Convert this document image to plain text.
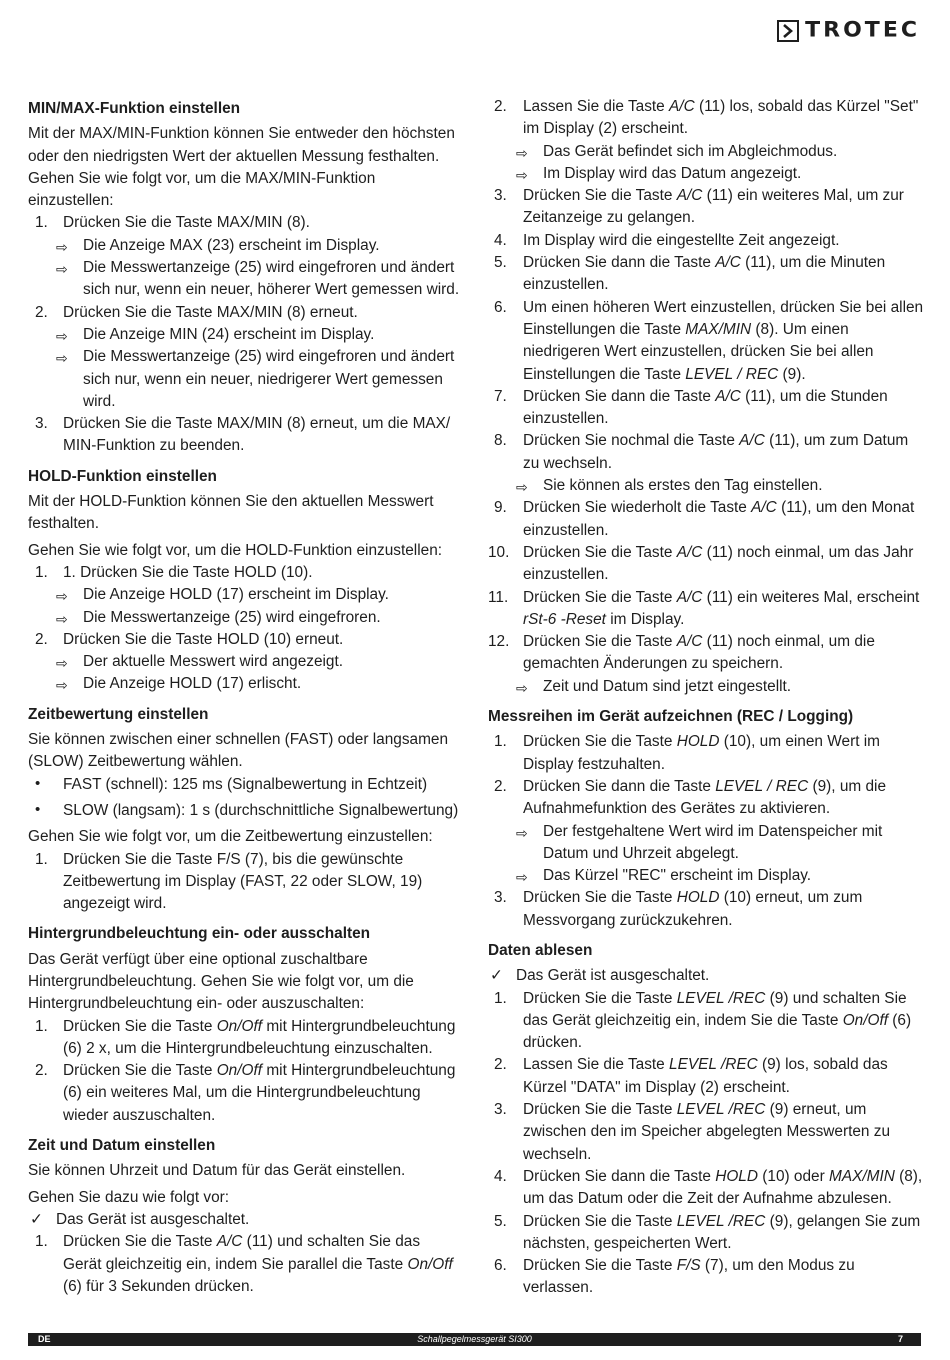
TROTEC
MIN/MAX-Funktion einstellen
Mit der MAX/MIN-Funktion können Sie entweder den höchsten oder den niedrigsten Wert der aktuellen Messung festhalten.
Gehen Sie wie folgt vor, um die MAX/MIN-Funktion einzustellen:
1. Drücken Sie die Taste MAX/MIN (8).
⇨ Die Anzeige MAX (23) erscheint im Display.
⇨ Die Messwertanzeige (25) wird eingefroren und ändert sich nur, wenn ein neuer, höherer Wert gemessen wird.
2. Drücken Sie die Taste MAX/MIN (8) erneut.
⇨ Die Anzeige MIN (24) erscheint im Display.
⇨ Die Messwertanzeige (25) wird eingefroren und ändert sich nur, wenn ein neuer, niedrigerer Wert gemessen wird.
3. Drücken Sie die Taste MAX/MIN (8) erneut, um die MAX/ MIN-Funktion zu beenden.
HOLD-Funktion einstellen
Mit der HOLD-Funktion können Sie den aktuellen Messwert festhalten.
Gehen Sie wie folgt vor, um die HOLD-Funktion einzustellen:
1. 1. Drücken Sie die Taste HOLD (10).
⇨ Die Anzeige HOLD (17) erscheint im Display.
⇨ Die Messwertanzeige (25) wird eingefroren.
2. Drücken Sie die Taste HOLD (10) erneut.
⇨ Der aktuelle Messwert wird angezeigt.
⇨ Die Anzeige HOLD (17) erlischt.
Zeitbewertung einstellen
Sie können zwischen einer schnellen (FAST) oder langsamen (SLOW) Zeitbewertung wählen.
• FAST (schnell): 125 ms (Signalbewertung in Echtzeit)
• SLOW (langsam): 1 s (durchschnittliche Signalbewertung)
Gehen Sie wie folgt vor, um die Zeitbewertung einzustellen:
1. Drücken Sie die Taste F/S (7), bis die gewünschte Zeitbewertung im Display (FAST, 22 oder SLOW, 19) angezeigt wird.
Hintergrundbeleuchtung ein- oder ausschalten
Das Gerät verfügt über eine optional zuschaltbare Hintergrundbeleuchtung. Gehen Sie wie folgt vor, um die Hintergrundbeleuchtung ein- oder auszuschalten:
1. Drücken Sie die Taste On/Off mit Hintergrundbeleuchtung (6) 2 x, um die Hintergrundbeleuchtung einzuschalten.
2. Drücken Sie die Taste On/Off mit Hintergrundbeleuchtung (6) ein weiteres Mal, um die Hintergrundbeleuchtung wieder auszuschalten.
Zeit und Datum einstellen
Sie können Uhrzeit und Datum für das Gerät einstellen.
Gehen Sie dazu wie folgt vor:
✓ Das Gerät ist ausgeschaltet.
1. Drücken Sie die Taste A/C (11) und schalten Sie das Gerät gleichzeitig ein, indem Sie parallel die Taste On/Off (6) für 3 Sekunden drücken.
2. Lassen Sie die Taste A/C (11) los, sobald das Kürzel "Set" im Display (2) erscheint.
⇨ Das Gerät befindet sich im Abgleichmodus.
⇨ Im Display wird das Datum angezeigt.
3. Drücken Sie die Taste A/C (11) ein weiteres Mal, um zur Zeitanzeige zu gelangen.
4. Im Display wird die eingestellte Zeit angezeigt.
5. Drücken Sie dann die Taste A/C (11), um die Minuten einzustellen.
6. Um einen höheren Wert einzustellen, drücken Sie bei allen Einstellungen die Taste MAX/MIN (8). Um einen niedrigeren Wert einzustellen, drücken Sie bei allen Einstellungen die Taste LEVEL / REC (9).
7. Drücken Sie dann die Taste A/C (11), um die Stunden einzustellen.
8. Drücken Sie nochmal die Taste A/C (11), um zum Datum zu wechseln.
⇨ Sie können als erstes den Tag einstellen.
9. Drücken Sie wiederholt die Taste A/C (11), um den Monat einzustellen.
10. Drücken Sie die Taste A/C (11) noch einmal, um das Jahr einzustellen.
11. Drücken Sie die Taste A/C (11) ein weiteres Mal, erscheint rSt-6 -Reset im Display.
12. Drücken Sie die Taste A/C (11) noch einmal, um die gemachten Änderungen zu speichern.
⇨ Zeit und Datum sind jetzt eingestellt.
Messreihen im Gerät aufzeichnen (REC / Logging)
1. Drücken Sie die Taste HOLD (10), um einen Wert im Display festzuhalten.
2. Drücken Sie dann die Taste LEVEL / REC (9), um die Aufnahmefunktion des Gerätes zu aktivieren.
⇨ Der festgehaltene Wert wird im Datenspeicher mit Datum und Uhrzeit abgelegt.
⇨ Das Kürzel "REC" erscheint im Display.
3. Drücken Sie die Taste HOLD (10) erneut, um zum Messvorgang zurückzukehren.
Daten ablesen
✓ Das Gerät ist ausgeschaltet.
1. Drücken Sie die Taste LEVEL /REC (9) und schalten Sie das Gerät gleichzeitig ein, indem Sie die Taste On/Off (6) drücken.
2. Lassen Sie die Taste LEVEL /REC (9) los, sobald das Kürzel "DATA" im Display (2) erscheint.
3. Drücken Sie die Taste LEVEL /REC (9) erneut, um zwischen den im Speicher abgelegten Messwerten zu wechseln.
4. Drücken Sie dann die Taste HOLD (10) oder MAX/MIN (8), um das Datum oder die Zeit der Aufnahme abzulesen.
5. Drücken Sie die Taste LEVEL /REC (9), gelangen Sie zum nächsten, gespeicherten Wert.
6. Drücken Sie die Taste F/S (7), um den Modus zu verlassen.
DE	Schallpegelmessgerät SI300	7
